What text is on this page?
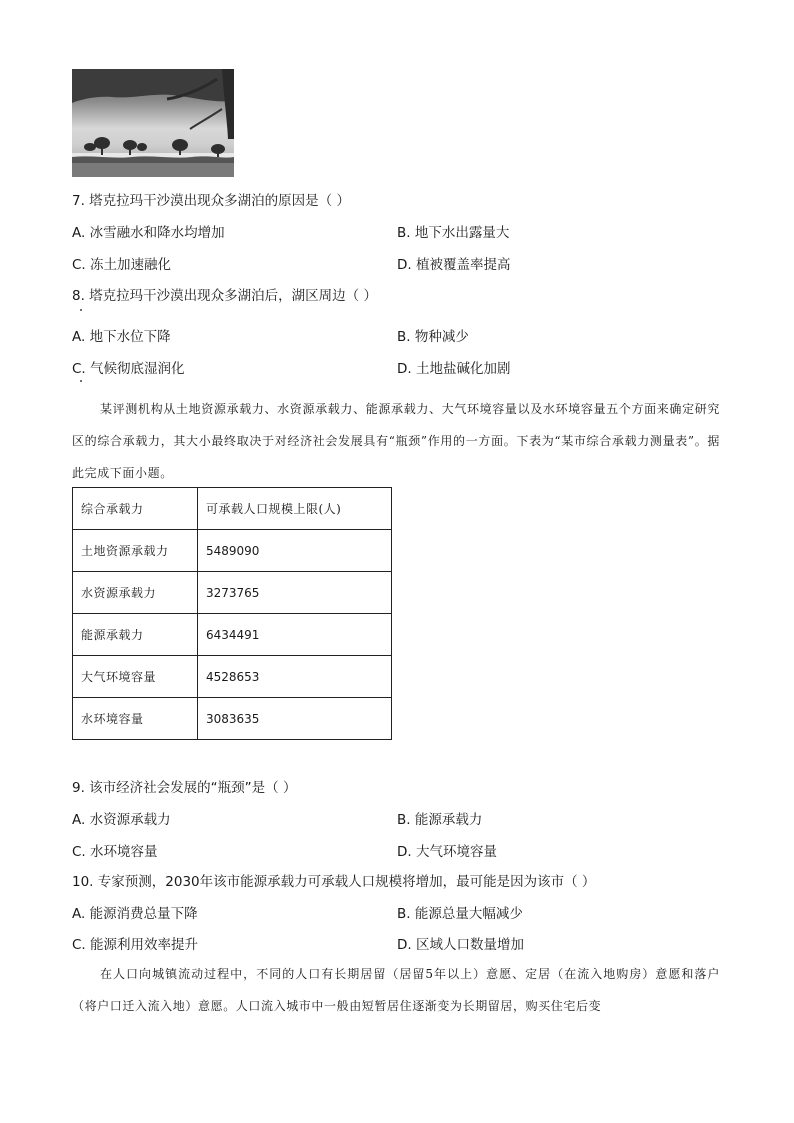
7. 塔克拉玛干沙漠出现众多湖泊的原因是（ ）
A. 冰雪融水和降水均增加	B. 地下水出露量大
C. 冻土加速融化	D. 植被覆盖率提高
8. 塔克拉玛干沙漠出现众多湖泊后，湖区周边（ ）
A. 地下水位下降	B. 物种减少
C. 气候彻底湿润化	D. 土地盐碱化加剧
某评测机构从土地资源承载力、水资源承载力、能源承载力、大气环境容量以及水环境容量五个方面来确定研究区的综合承载力，其大小最终取决于对经济社会发展具有“瓶颈”作用的一方面。下表为“某市综合承载力测量表”。据此完成下面小题。
综合承载力	可承载人口规模上限(人)
土地资源承载力	5489090
水资源承载力	3273765
能源承载力	6434491
大气环境容量	4528653
水环境容量	3083635
9. 该市经济社会发展的“瓶颈”是（ ）
A. 水资源承载力	B. 能源承载力
C. 水环境容量	D. 大气环境容量
10. 专家预测，2030年该市能源承载力可承载人口规模将增加，最可能是因为该市（ ）
A. 能源消费总量下降	B. 能源总量大幅减少
C. 能源利用效率提升	D. 区域人口数量增加
在人口向城镇流动过程中，不同的人口有长期居留（居留5年以上）意愿、定居（在流入地购房）意愿和落户（将户口迁入流入地）意愿。人口流入城市中一般由短暂居住逐渐变为长期留居，购买住宅后变
